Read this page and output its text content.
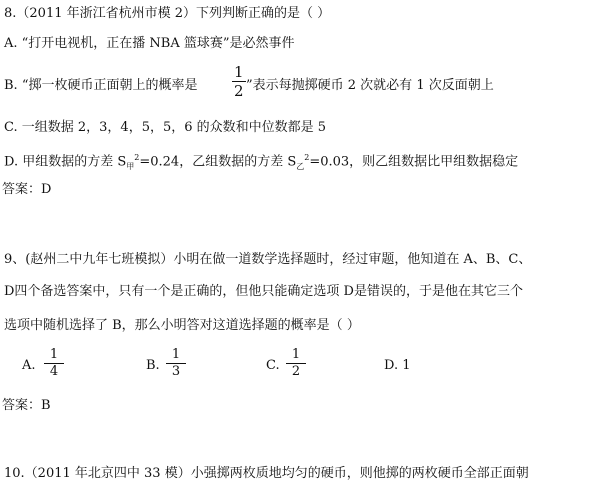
8.（2011 年浙江省杭州市模 2）下列判断正确的是（ ）
A. “打开电视机，正在播 NBA 篮球赛”是必然事件
B. “掷一枚硬币正面朝上的概率是
1
2 ”表示每抛掷硬币 2 次就必有 1 次反面朝上
C. 一组数据 2，3，4，5，5，6 的众数和中位数都是 5
D. 甲组数据的方差 $S_甲^2=0.24$，乙组数据的方差 $S_乙^2=0.03$，则乙组数据比甲组数据稳定
答案：D
9、(赵州二中九年七班模拟）小明在做一道数学选择题时，经过审题，他知道在 A、B、C、
D四个备选答案中，只有一个是正确的，但他只能确定选项 D是错误的，于是他在其它三个
选项中随机选择了 B，那么小明答对这道选择题的概率是（ ）
A.
1
4	B.
1
3	C.
1
2	D. 1
答案：B
10.（2011 年北京四中 33 模）小强掷两枚质地均匀的硬币，则他掷的两枚硬币全部正面朝
